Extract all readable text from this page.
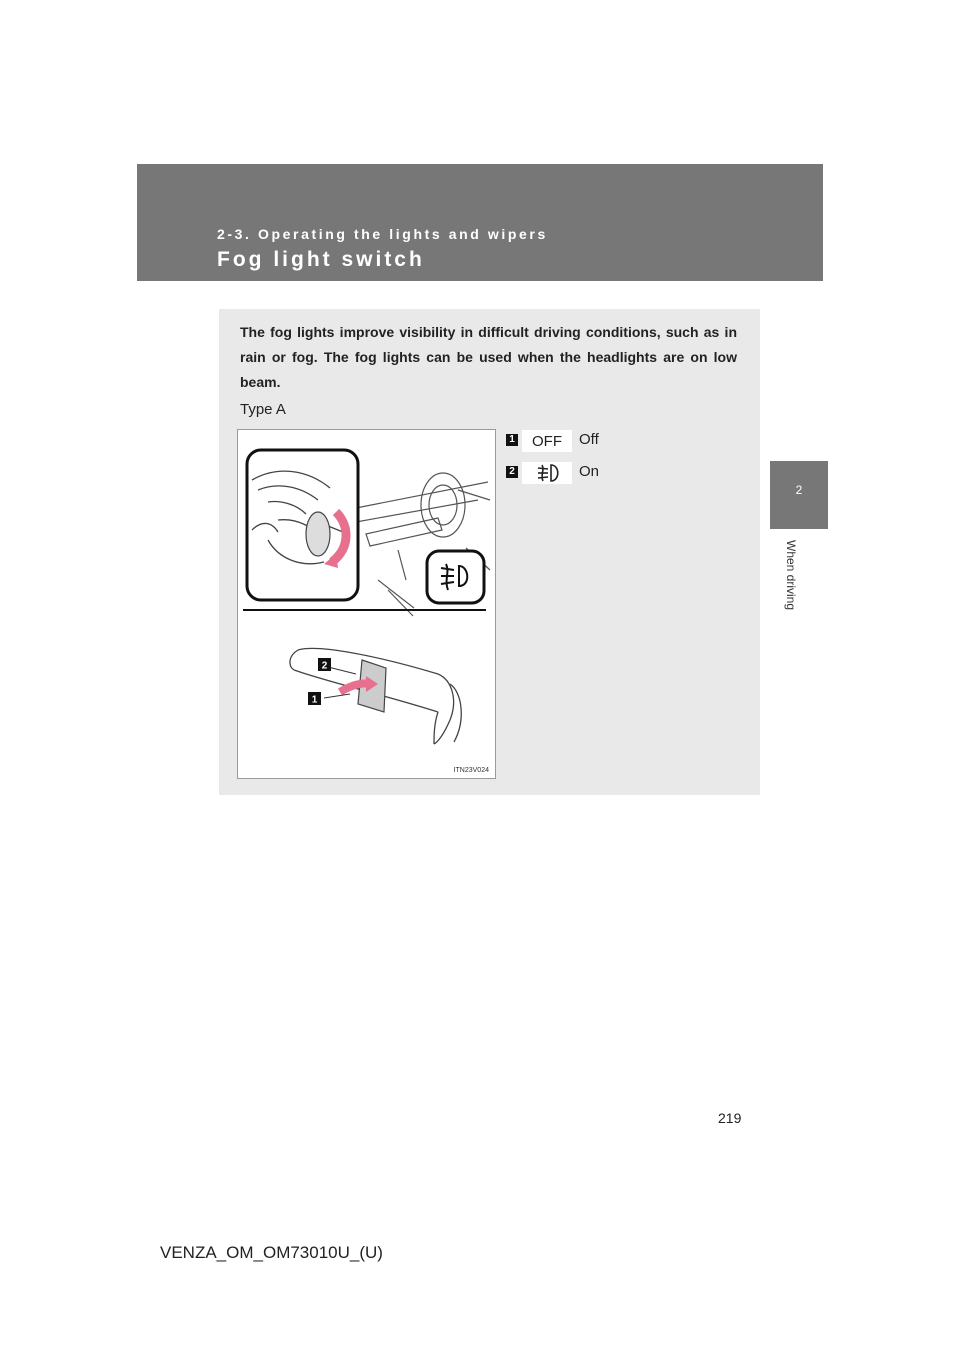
2-3. Operating the lights and wipers
Fog light switch
2
When driving
The fog lights improve visibility in difficult driving conditions, such as in rain or fog. The fog lights can be used when the headlights are on low beam.
Type A
2
1
ITN23V024
1	OFF	Off
2	On
219
VENZA_OM_OM73010U_(U)
